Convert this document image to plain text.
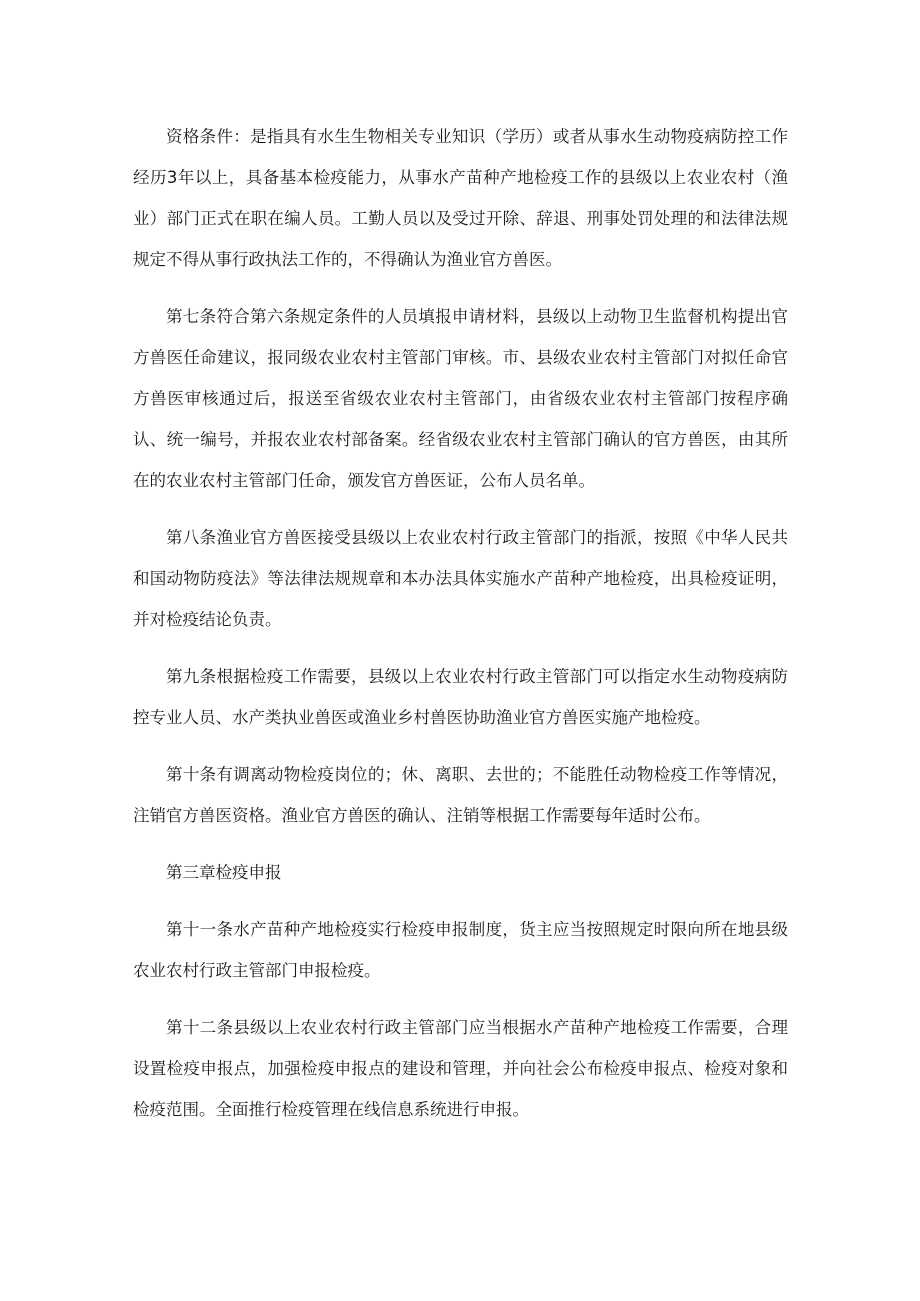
资格条件：是指具有水生生物相关专业知识（学历）或者从事水生动物疫病防控工作经历3年以上，具备基本检疫能力，从事水产苗种产地检疫工作的县级以上农业农村（渔业）部门正式在职在编人员。工勤人员以及受过开除、辞退、刑事处罚处理的和法律法规规定不得从事行政执法工作的，不得确认为渔业官方兽医。

第七条符合第六条规定条件的人员填报申请材料，县级以上动物卫生监督机构提出官方兽医任命建议，报同级农业农村主管部门审核。市、县级农业农村主管部门对拟任命官方兽医审核通过后，报送至省级农业农村主管部门，由省级农业农村主管部门按程序确认、统一编号，并报农业农村部备案。经省级农业农村主管部门确认的官方兽医，由其所在的农业农村主管部门任命，颁发官方兽医证，公布人员名单。

第八条渔业官方兽医接受县级以上农业农村行政主管部门的指派，按照《中华人民共和国动物防疫法》等法律法规规章和本办法具体实施水产苗种产地检疫，出具检疫证明，并对检疫结论负责。

第九条根据检疫工作需要，县级以上农业农村行政主管部门可以指定水生动物疫病防控专业人员、水产类执业兽医或渔业乡村兽医协助渔业官方兽医实施产地检疫。

第十条有调离动物检疫岗位的；休、离职、去世的；不能胜任动物检疫工作等情况，注销官方兽医资格。渔业官方兽医的确认、注销等根据工作需要每年适时公布。

第三章检疫申报

第十一条水产苗种产地检疫实行检疫申报制度，货主应当按照规定时限向所在地县级农业农村行政主管部门申报检疫。

第十二条县级以上农业农村行政主管部门应当根据水产苗种产地检疫工作需要，合理设置检疫申报点，加强检疫申报点的建设和管理，并向社会公布检疫申报点、检疫对象和检疫范围。全面推行检疫管理在线信息系统进行申报。
